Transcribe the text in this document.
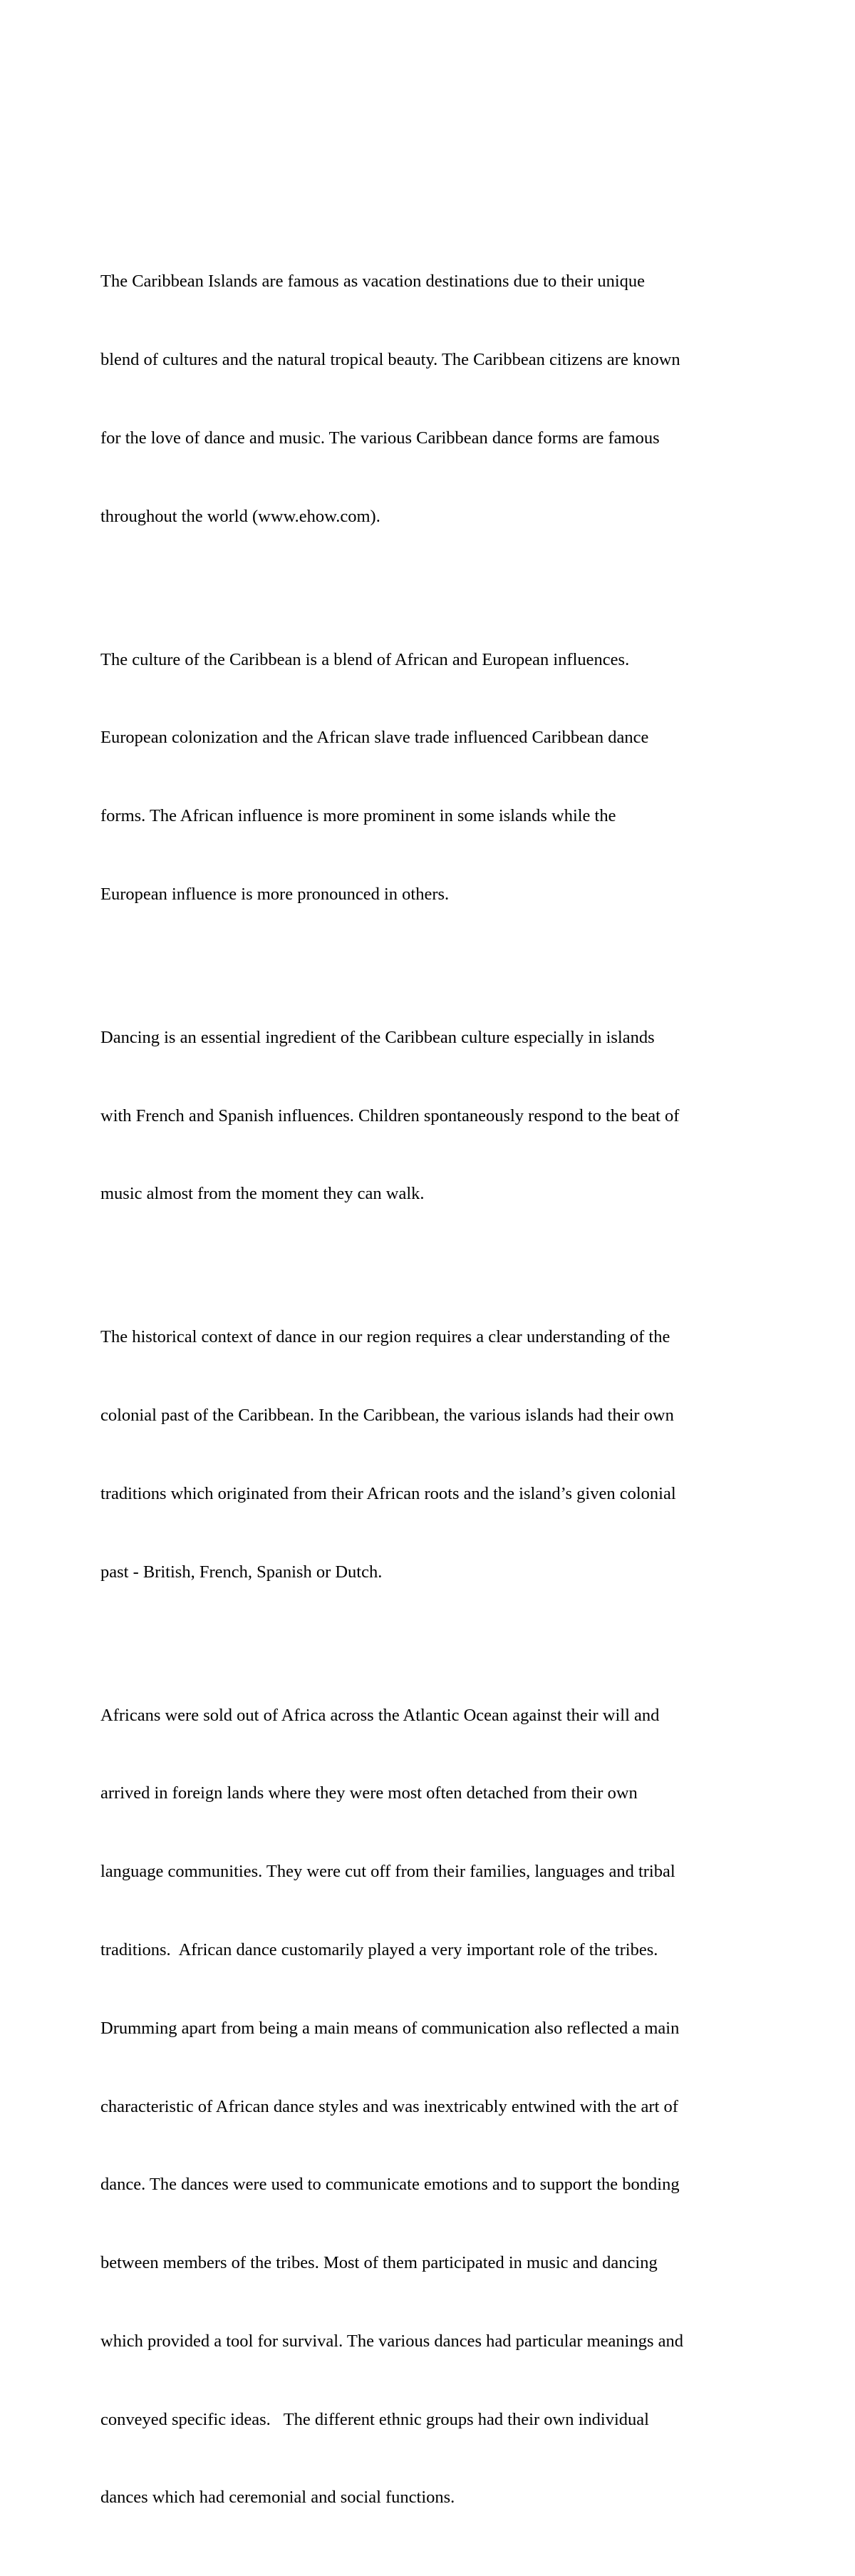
The Caribbean Islands are famous as vacation destinations due to their unique

blend of cultures and the natural tropical beauty. The Caribbean citizens are known

for the love of dance and music. The various Caribbean dance forms are famous

throughout the world (www.ehow.com).

The culture of the Caribbean is a blend of African and European influences.

European colonization and the African slave trade influenced Caribbean dance

forms. The African influence is more prominent in some islands while the

European influence is more pronounced in others.

Dancing is an essential ingredient of the Caribbean culture especially in islands

with French and Spanish influences. Children spontaneously respond to the beat of

music almost from the moment they can walk.

The historical context of dance in our region requires a clear understanding of the

colonial past of the Caribbean. In the Caribbean, the various islands had their own

traditions which originated from their African roots and the island’s given colonial

past - British, French, Spanish or Dutch.

Africans were sold out of Africa across the Atlantic Ocean against their will and

arrived in foreign lands where they were most often detached from their own

language communities. They were cut off from their families, languages and tribal

traditions.  African dance customarily played a very important role of the tribes.

Drumming apart from being a main means of communication also reflected a main

characteristic of African dance styles and was inextricably entwined with the art of

dance. The dances were used to communicate emotions and to support the bonding

between members of the tribes. Most of them participated in music and dancing

which provided a tool for survival. The various dances had particular meanings and

conveyed specific ideas.   The different ethnic groups had their own individual

dances which had ceremonial and social functions.
